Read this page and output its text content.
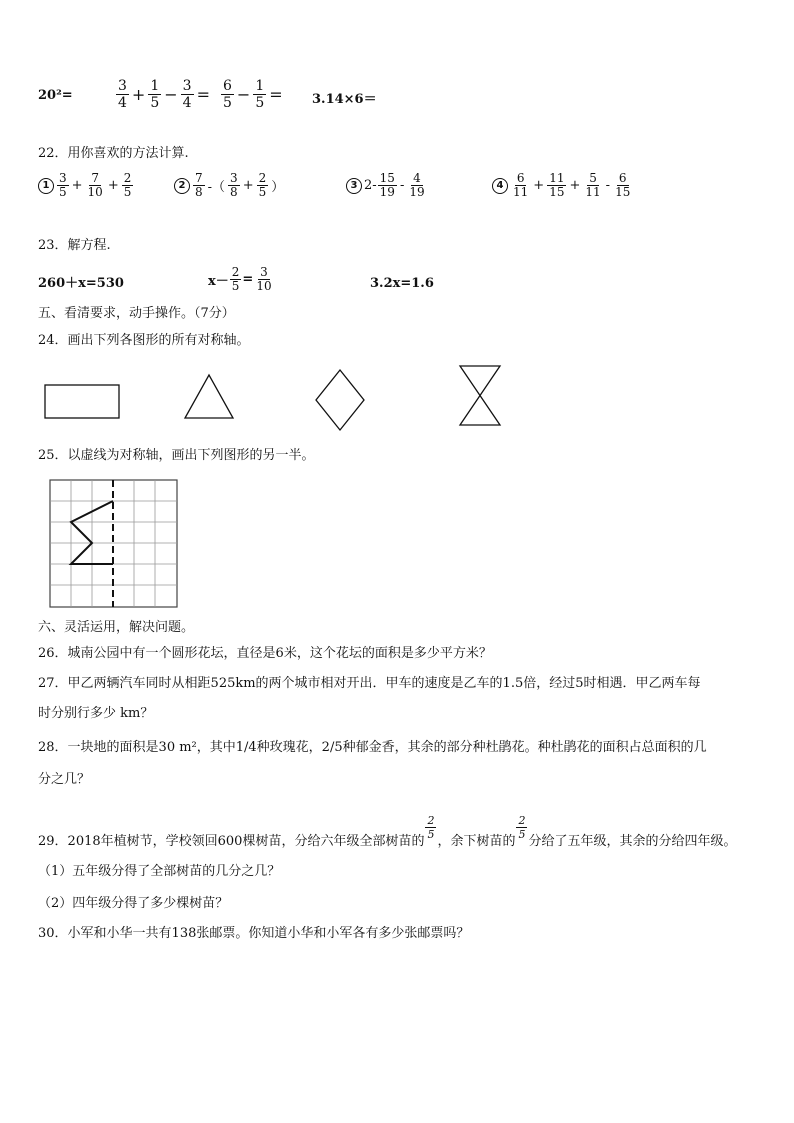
20²=	$\frac{3}{4} + \frac{1}{5} - \frac{3}{4} = \frac{6}{5} - \frac{1}{5} = 3.14\times 6=$
22．用你喜欢的方法计算.
$1 \frac{3}{5} + \frac{7}{10} + \frac{2}{5}$	$2 \frac{7}{8}$ -（ $\frac{3}{8} + \frac{2}{5}$ ）	3 $2- \frac{15}{19} - \frac{4}{19}$	$4 \frac{6}{11} + \frac{11}{15} + \frac{5}{11} - \frac{6}{15}$
23．解方程.
260＋x=530	$x- \frac{2}{5} = \frac{3}{10}$	3.2x=1.6
五、看清要求，动手操作。（7分）
24．画出下列各图形的所有对称轴。
25．以虚线为对称轴，画出下列图形的另一半。
六、灵活运用，解决问题。
26．城南公园中有一个圆形花坛，直径是6米，这个花坛的面积是多少平方米？
27．甲乙两辆汽车同时从相距525km的两个城市相对开出．甲车的速度是乙车的1.5倍，经过5时相遇．甲乙两车每
时分别行多少 km？
28．一块地的面积是30 m²，其中1/4种玫瑰花，2/5种郁金香，其余的部分种杜鹃花。种杜鹃花的面积占总面积的几
分之几？
29．2018年植树节，学校领回600棵树苗，分给六年级全部树苗的
$\frac{2}{5}$
，余下树苗的
$\frac{2}{5}$
分给了五年级，其余的分给四年级。
（1）五年级分得了全部树苗的几分之几？
（2）四年级分得了多少棵树苗？
30．小军和小华一共有138张邮票。你知道小华和小军各有多少张邮票吗？
